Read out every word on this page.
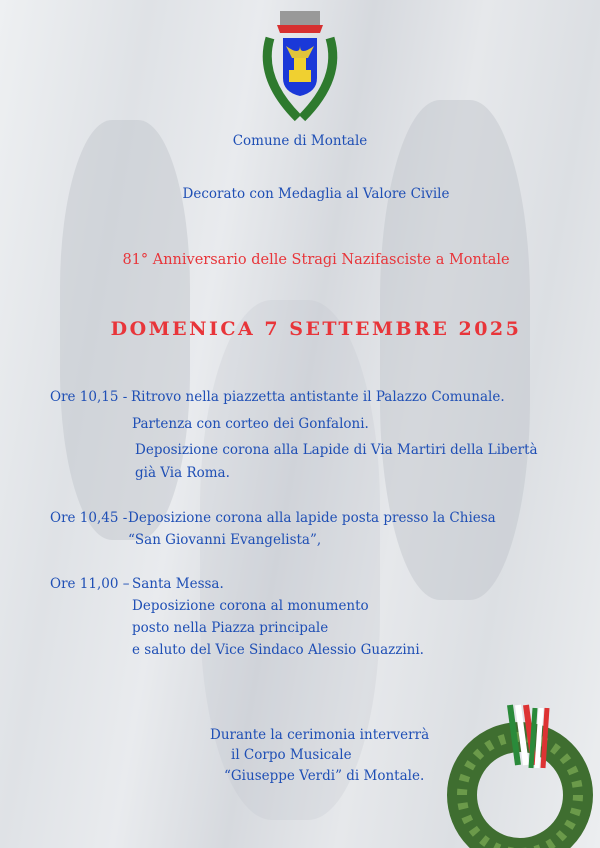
Comune di Montale
Decorato con Medaglia al Valore Civile
81° Anniversario delle Stragi Nazifasciste a Montale
DOMENICA 7 SETTEMBRE 2025
Ore 10,15 - Ritrovo nella piazzetta antistante il Palazzo Comunale.
Partenza con corteo dei Gonfaloni.
Deposizione corona alla Lapide di Via Martiri della Libertà
già Via Roma.
Ore 10,45 - Deposizione corona alla lapide posta presso la Chiesa
“San Giovanni Evangelista”,
Ore 11,00 – Santa Messa.
Deposizione corona al monumento
posto nella Piazza principale
e saluto del Vice Sindaco Alessio Guazzini.
Durante la cerimonia interverrà
il Corpo Musicale
“Giuseppe Verdi” di Montale.
